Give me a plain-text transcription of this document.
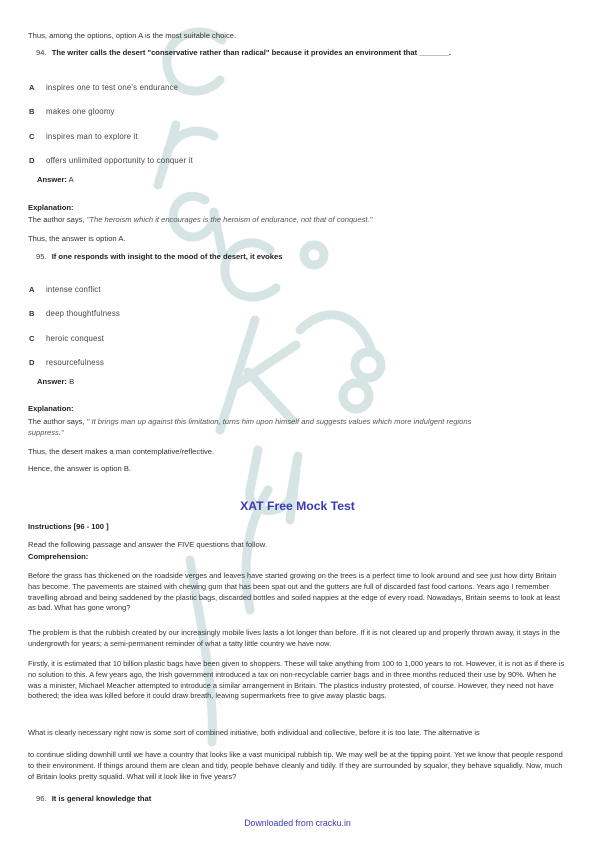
Thus, among the options, option A is the most suitable choice.
94. The writer calls the desert "conservative rather than radical" because it provides an environment that _______.
A inspires one to test one's endurance
B makes one gloomy
C inspires man to explore it
D offers unlimited opportunity to conquer it
Answer: A
Explanation:
The author says, "The heroism which it encourages is the heroism of endurance, not that of conquest."
Thus, the answer is option A.
95. If one responds with insight to the mood of the desert, it evokes
A intense conflict
B deep thoughtfulness
C heroic conquest
D resourcefulness
Answer: B
Explanation:
The author says, " It brings man up against this limitation, turns him upon himself and suggests values which more indulgent regions
suppress."
Thus, the desert makes a man contemplative/reflective.
Hence, the answer is option B.
XAT Free Mock Test
Instructions [96 - 100 ]
Read the following passage and answer the FIVE questions that follow.
Comprehension:
Before the grass has thickened on the roadside verges and leaves have started growing on the trees is a perfect time to look around and see just how dirty Britain has become. The pavements are stained with chewing gum that has been spat out and the gutters are full of discarded fast food cartons. Years ago I remember travelling abroad and being saddened by the plastic bags, discarded bottles and soiled nappies at the edge of every road. Nowadays, Britain seems to look at least as bad. What has gone wrong?
The problem is that the rubbish created by our increasingly mobile lives lasts a lot longer than before. If it is not cleared up and properly thrown away, it stays in the undergrowth for years; a semi-permanent reminder of what a tatty little country we have now.
Firstly, it is estimated that 10 billion plastic bags have been given to shoppers. These will take anything from 100 to 1,000 years to rot. However, it is not as if there is no solution to this. A few years ago, the Irish government introduced a tax on non-recyclable carrier bags and in three months reduced their use by 90%. When he was a minister, Michael Meacher attempted to introduce a similar arrangement in Britain. The plastics industry protested, of course. However, they need not have bothered; the idea was killed before it could draw breath, leaving supermarkets free to give away plastic bags.
What is clearly necessary right now is some sort of combined initiative, both individual and collective, before it is too late. The alternative is
to continue sliding downhill until we have a country that looks like a vast municipal rubbish tip. We may well be at the tipping point. Yet we know that people respond to their environment. If things around them are clean and tidy, people behave cleanly and tidily. If they are surrounded by squalor, they behave squalidly. Now, much of Britain looks pretty squalid. What will it look like in five years?
96. It is general knowledge that
Downloaded from cracku.in
